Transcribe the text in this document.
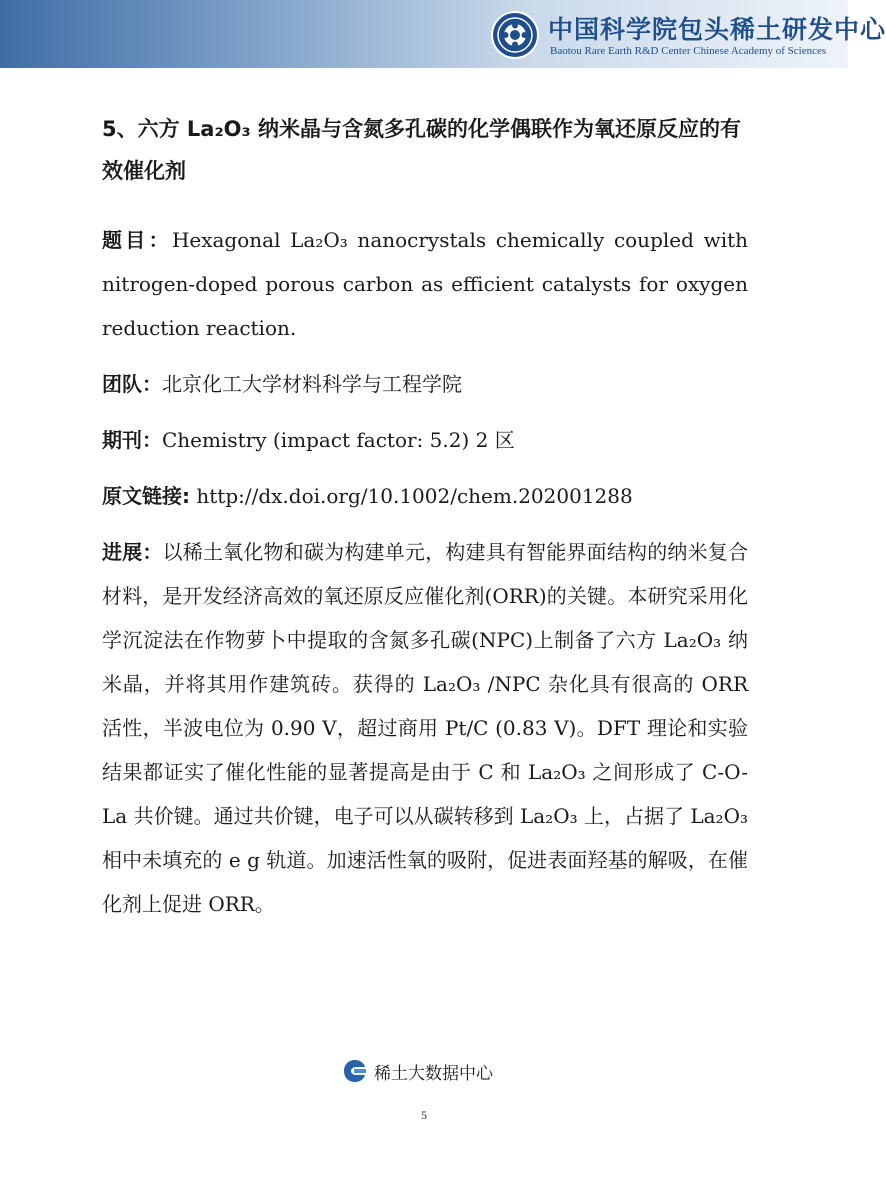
中国科学院包头稀土研发中心
Baotou Rare Earth R&D Center Chinese Academy of Sciences

5、六方 La₂O₃ 纳米晶与含氮多孔碳的化学偶联作为氧还原反应的有效催化剂

题目：Hexagonal La₂O₃ nanocrystals chemically coupled with nitrogen-doped porous carbon as efficient catalysts for oxygen reduction reaction.

团队：北京化工大学材料科学与工程学院

期刊：Chemistry (impact factor: 5.2) 2 区

原文链接: http://dx.doi.org/10.1002/chem.202001288

进展：以稀土氧化物和碳为构建单元，构建具有智能界面结构的纳米复合材料，是开发经济高效的氧还原反应催化剂(ORR)的关键。本研究采用化学沉淀法在作物萝卜中提取的含氮多孔碳(NPC)上制备了六方 La₂O₃ 纳米晶，并将其用作建筑砖。获得的 La₂O₃ /NPC 杂化具有很高的 ORR 活性，半波电位为 0.90 V，超过商用 Pt/C (0.83 V)。DFT 理论和实验结果都证实了催化性能的显著提高是由于 C 和 La₂O₃ 之间形成了 C-O-La 共价键。通过共价键，电子可以从碳转移到 La₂O₃ 上，占据了 La₂O₃ 相中未填充的 e g 轨道。加速活性氧的吸附，促进表面羟基的解吸，在催化剂上促进 ORR。

稀土大数据中心
5
